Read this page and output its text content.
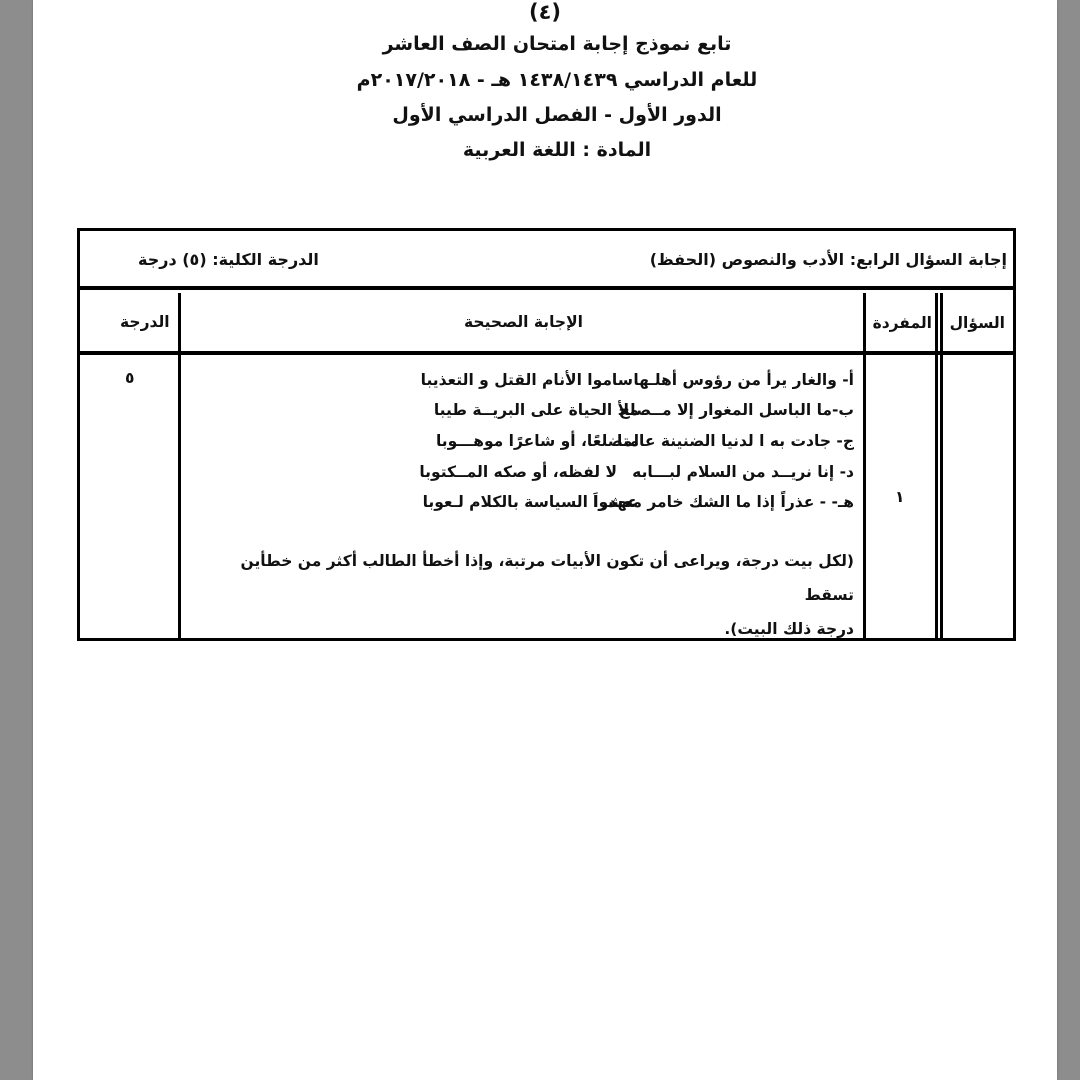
(٤)
تابع نموذج إجابة امتحان الصف العاشر
للعام الدراسي ١٤٣٨/١٤٣٩ هـ - ٢٠١٧/٢٠١٨م
الدور الأول - الفصل الدراسي الأول
المادة : اللغة العربية
إجابة السؤال الرابع: الأدب والنصوص (الحفظ)
الدرجة الكلية: (٥) درجة
السؤال
المفردة
الإجابة الصحيحة
الدرجة
١
٥	أ- والغار يرأ من رؤوس أهلـها
ساموا الأنام القتل و التعذيبا
ب-ما الباسل المغوار إلا مــصلح
ملأ الحياة على البريــة طيبا
ج- جادت به ا لدنيا الضنينة عالما
متضلعًا، أو شاعرًا موهـــوبا
د- إنا نريــد من السلام لبـــابه
لا لفظه، أو صكه المــكتوبا
هـ- - عذراً إذا ما الشك خامر معشراَ
عهدوا السياسة بالكلام لـعوبا
(لكل بيت درجة، ويراعى أن تكون الأبيات مرتبة، وإذا أخطأ الطالب أكثر من خطأين تسقط
درجة ذلك البيت).
